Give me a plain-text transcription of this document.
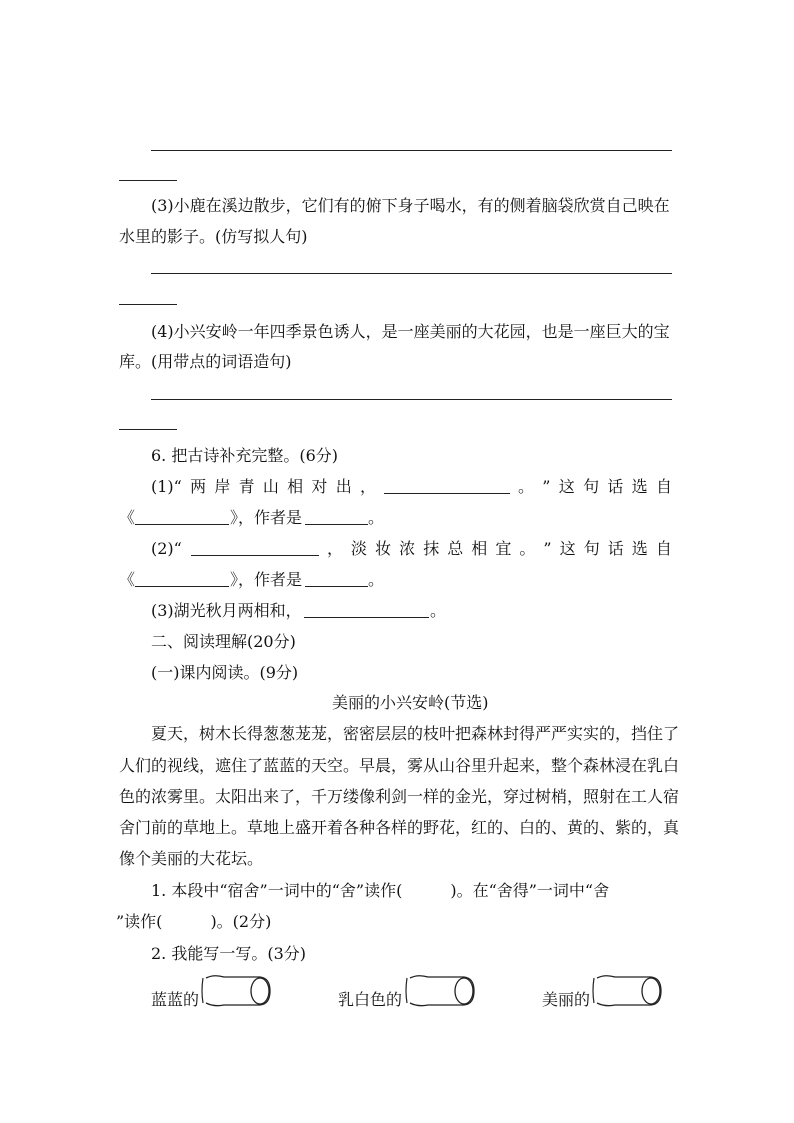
(3)小鹿在溪边散步，它们有的俯下身子喝水，有的侧着脑袋欣赏自己映在
水里的影子。(仿写拟人句)
(4)小兴安岭一年四季景色诱人，是一座美丽的大花园，也是一座巨大的宝
库。(用带点的词语造句)
6. 把古诗补充完整。(6分)
(1)“ 两 岸 青 山 相 对 出 ，	。 ” 这 句 话 选 自
《	》，作者是	。
(2)“	， 淡 妆 浓 抹 总 相 宜 。 ” 这 句 话 选 自
《	》，作者是	。
(3)湖光秋月两相和，	。
二、阅读理解(20分)
(一)课内阅读。(9分)
美丽的小兴安岭(节选)
夏天，树木长得葱葱茏茏，密密层层的枝叶把森林封得严严实实的，挡住了
人们的视线，遮住了蓝蓝的天空。早晨，雾从山谷里升起来，整个森林浸在乳白
色的浓雾里。太阳出来了，千万缕像利剑一样的金光，穿过树梢，照射在工人宿
舍门前的草地上。草地上盛开着各种各样的野花，红的、白的、黄的、紫的，真
像个美丽的大花坛。
1. 本段中“宿舍”一词中的“舍”读作(	)。在“舍得”一词中“舍
”读作(	)。(2分)
2. 我能写一写。(3分)
蓝蓝的	乳白色的	美丽的
